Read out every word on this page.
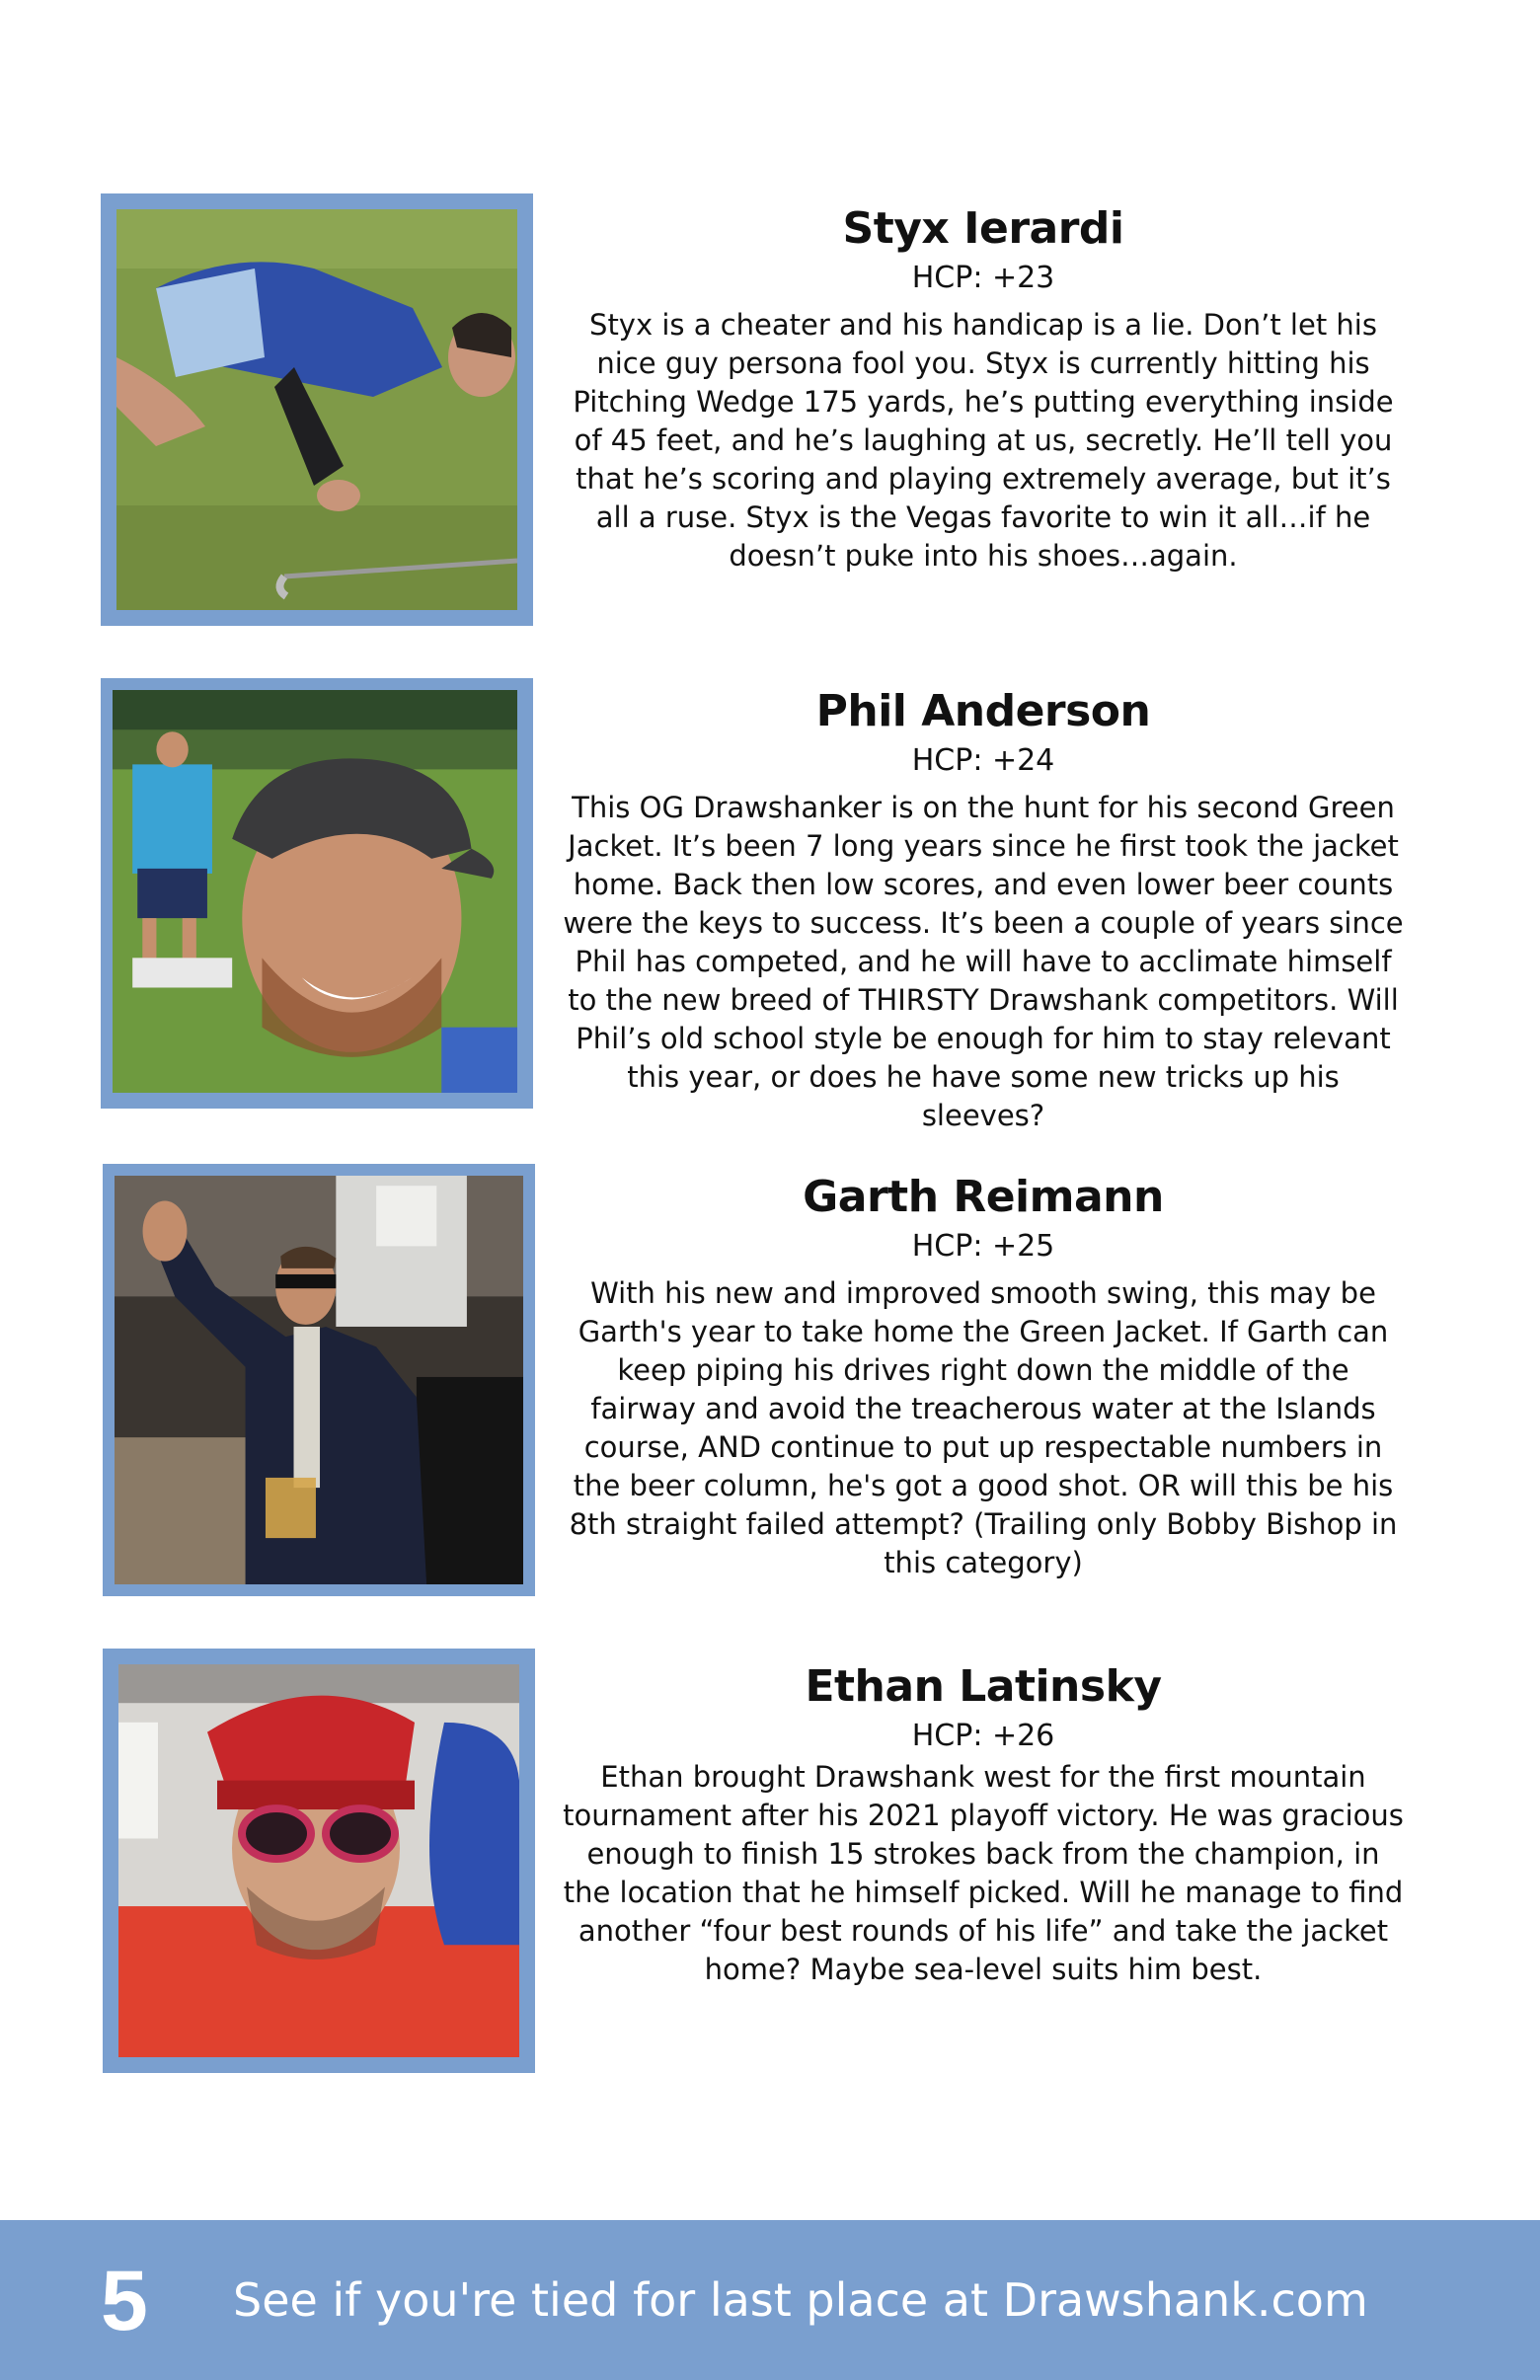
Styx Ierardi

HCP: +23

Styx is a cheater and his handicap is a lie. Don’t let his nice guy persona fool you. Styx is currently hitting his Pitching Wedge 175 yards, he’s putting everything inside of 45 feet, and he’s laughing at us, secretly. He’ll tell you that he’s scoring and playing extremely average, but it’s all a ruse. Styx is the Vegas favorite to win it all…if he doesn’t puke into his shoes…again.

Phil Anderson

HCP: +24

This OG Drawshanker is on the hunt for his second Green Jacket. It’s been 7 long years since he first took the jacket home. Back then low scores, and even lower beer counts were the keys to success. It’s been a couple of years since Phil has competed, and he will have to acclimate himself to the new breed of THIRSTY Drawshank competitors. Will Phil’s old school style be enough for him to stay relevant this year, or does he have some new tricks up his sleeves?

Garth Reimann

HCP: +25

With his new and improved smooth swing, this may be Garth's year to take home the Green Jacket. If Garth can keep piping his drives right down the middle of the fairway and avoid the treacherous water at the Islands course, AND continue to put up respectable numbers in the beer column, he's got a good shot. OR will this be his 8th straight failed attempt? (Trailing only Bobby Bishop in this category)

Ethan Latinsky

HCP: +26

Ethan brought Drawshank west for the first mountain tournament after his 2021 playoff victory. He was gracious enough to finish 15 strokes back from the champion, in the location that he himself picked. Will he manage to find another “four best rounds of his life” and take the jacket home? Maybe sea-level suits him best.

5 See if you're tied for last place at Drawshank.com
